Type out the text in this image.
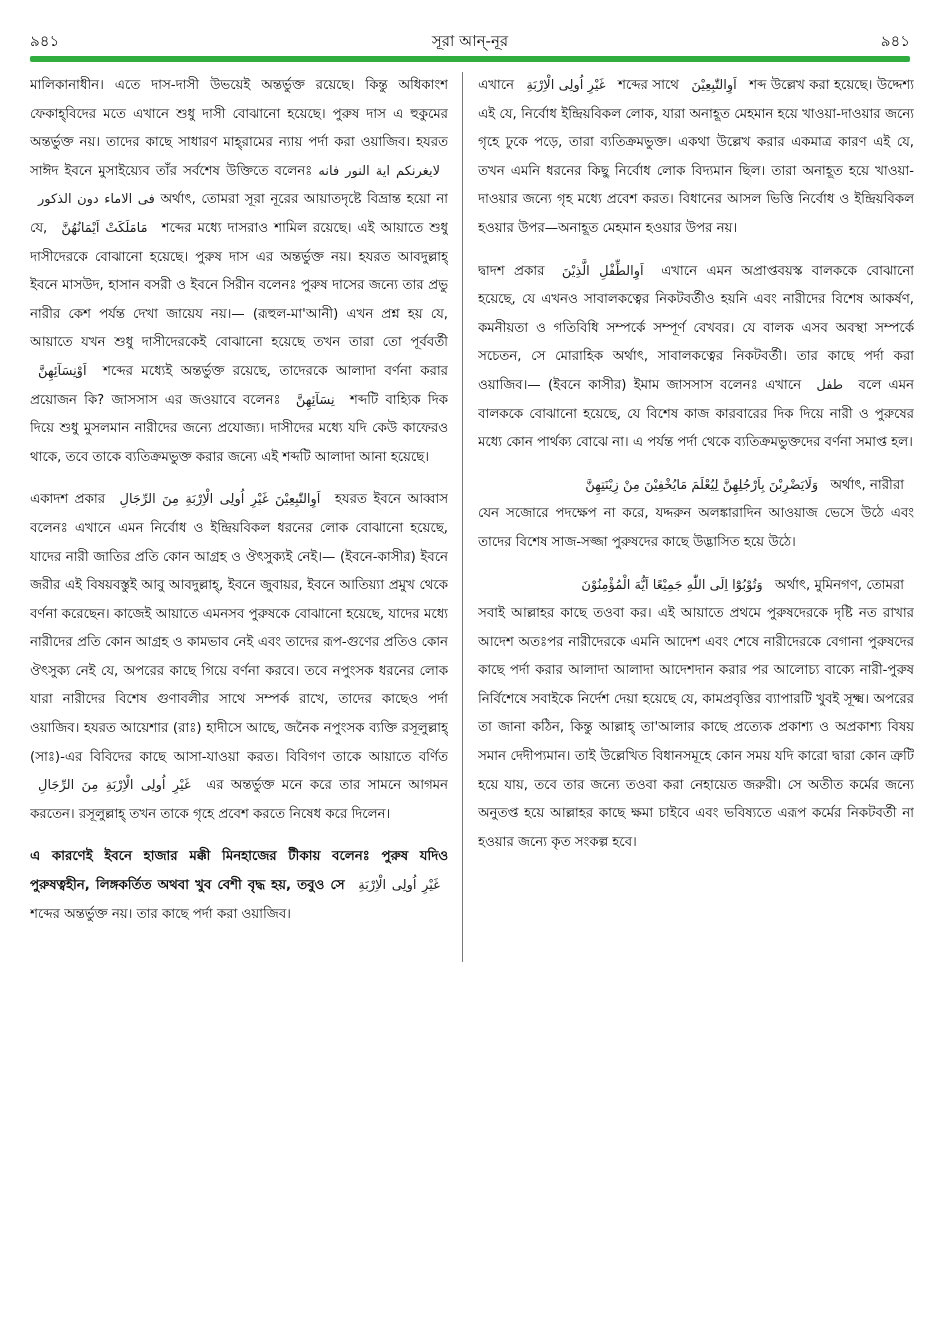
৯৪১	সূরা আন্-নূর	৯৪১

মালিকানাধীন। এতে দাস-দাসী উভয়েই অন্তর্ভুক্ত রয়েছে। কিন্তু অধিকাংশ ফেকাহ্‌বিদের মতে এখানে শুধু দাসী বোঝানো হয়েছে। পুরুষ দাস এ হুকুমের অন্তর্ভুক্ত নয়। তাদের কাছে সাধারণ মাহ্‌রামের ন্যায় পর্দা করা ওয়াজিব। হযরত সাঈদ ইবনে মুসাইয়্যেব তাঁর সর্বশেষ উক্তিতে বলেনঃ لايغرنكم اية النور فانه فى الاماء دون الذكور অর্থাৎ, তোমরা সূরা নূরের আয়াতদৃষ্টে বিভ্রান্ত হয়ো না যে, مَامَلَكَتْ اَيْمَانُهُنَّ শব্দের মধ্যে দাসরাও শামিল রয়েছে। এই আয়াতে শুধু দাসীদেরকে বোঝানো হয়েছে। পুরুষ দাস এর অন্তর্ভুক্ত নয়। হযরত আবদুল্লাহ্ ইবনে মাসউদ, হাসান বসরী ও ইবনে সিরীন বলেনঃ পুরুষ দাসের জন্যে তার প্রভু নারীর কেশ পর্যন্ত দেখা জায়েয নয়।— (রূহুল-মা'আনী) এখন প্রশ্ন হয় যে, আয়াতে যখন শুধু দাসীদেরকেই বোঝানো হয়েছে তখন তারা তো পূর্ববর্তী اَوْنِسَآئِهِنَّ শব্দের মধ্যেই অন্তর্ভুক্ত রয়েছে, তাদেরকে আলাদা বর্ণনা করার প্রয়োজন কি? জাসসাস এর জওয়াবে বলেনঃ نِسَآئِهِنَّ শব্দটি বাহ্যিক দিক দিয়ে শুধু মুসলমান নারীদের জন্যে প্রযোজ্য। দাসীদের মধ্যে যদি কেউ কাফেরও থাকে, তবে তাকে ব্যতিক্রমভুক্ত করার জন্যে এই শব্দটি আলাদা আনা হয়েছে।

একাদশ প্রকার اَوِالتّٰبِعِيْنَ غَيْرِ اُولِى الْاِرْبَةِ مِنَ الرِّجَالِ হযরত ইবনে আব্বাস বলেনঃ এখানে এমন নির্বোধ ও ইন্দ্রিয়বিকল ধরনের লোক বোঝানো হয়েছে, যাদের নারী জাতির প্রতি কোন আগ্রহ ও ঔৎসুক্যই নেই।— (ইবনে-কাসীর) ইবনে জরীর এই বিষয়বস্তুই আবু আবদুল্লাহ্, ইবনে জুবায়র, ইবনে আতিয়্যা প্রমুখ থেকে বর্ণনা করেছেন। কাজেই আয়াতে এমনসব পুরুষকে বোঝানো হয়েছে, যাদের মধ্যে নারীদের প্রতি কোন আগ্রহ ও কামভাব নেই এবং তাদের রূপ-গুণের প্রতিও কোন ঔৎসুক্য নেই যে, অপরের কাছে গিয়ে বর্ণনা করবে। তবে নপুংসক ধরনের লোক যারা নারীদের বিশেষ গুণাবলীর সাথে সম্পর্ক রাখে, তাদের কাছেও পর্দা ওয়াজিব। হযরত আয়েশার (রাঃ) হাদীসে আছে, জনৈক নপুংসক ব্যক্তি রসূলুল্লাহ্ (সাঃ)-এর বিবিদের কাছে আসা-যাওয়া করত। বিবিগণ তাকে আয়াতে বর্ণিত غَيْرِ اُولِى الْاِرْبَةِ مِنَ الرِّجَالِ এর অন্তর্ভুক্ত মনে করে তার সামনে আগমন করতেন। রসূলুল্লাহ্ তখন তাকে গৃহে প্রবেশ করতে নিষেধ করে দিলেন।

এ কারণেই ইবনে হাজার মক্কী মিনহাজের টীকায় বলেনঃ পুরুষ যদিও পুরুষত্বহীন, লিঙ্গকর্তিত অথবা খুব বেশী বৃদ্ধ হয়, তবুও সে غَيْرِ اُولِى الْاِرْبَةِ শব্দের অন্তর্ভুক্ত নয়। তার কাছে পর্দা করা ওয়াজিব।

এখানে غَيْرِ اُولِى الْاِرْبَةِ শব্দের সাথে اَوِالتّٰبِعِيْنَ শব্দ উল্লেখ করা হয়েছে। উদ্দেশ্য এই যে, নির্বোধ ইন্দ্রিয়বিকল লোক, যারা অনাহূত মেহমান হয়ে খাওয়া-দাওয়ার জন্যে গৃহে ঢুকে পড়ে, তারা ব্যতিক্রমভুক্ত। একথা উল্লেখ করার একমাত্র কারণ এই যে, তখন এমনি ধরনের কিছু নির্বোধ লোক বিদ্যমান ছিল। তারা অনাহূত হয়ে খাওয়া-দাওয়ার জন্যে গৃহ মধ্যে প্রবেশ করত। বিধানের আসল ভিত্তি নির্বোধ ও ইন্দ্রিয়বিকল হওয়ার উপর—অনাহূত মেহমান হওয়ার উপর নয়।

দ্বাদশ প্রকার اَوِالطِّفْلِ الَّذِيْنَ এখানে এমন অপ্রাপ্তবয়স্ক বালককে বোঝানো হয়েছে, যে এখনও সাবালকত্বের নিকটবর্তীও হয়নি এবং নারীদের বিশেষ আকর্ষণ, কমনীয়তা ও গতিবিধি সম্পর্কে সম্পূর্ণ বেখবর। যে বালক এসব অবস্থা সম্পর্কে সচেতন, সে মোরাহিক অর্থাৎ, সাবালকত্বের নিকটবর্তী। তার কাছে পর্দা করা ওয়াজিব।— (ইবনে কাসীর) ইমাম জাসসাস বলেনঃ এখানে طفل বলে এমন বালককে বোঝানো হয়েছে, যে বিশেষ কাজ কারবারের দিক দিয়ে নারী ও পুরুষের মধ্যে কোন পার্থক্য বোঝে না। এ পর্যন্ত পর্দা থেকে ব্যতিক্রমভুক্তদের বর্ণনা সমাপ্ত হল।

وَلَايَضْرِبْنَ بِاَرْجُلِهِنَّ لِيُعْلَمَ مَايُخْفِيْنَ مِنْ زِيْنَتِهِنَّ অর্থাৎ, নারীরা

যেন সজোরে পদক্ষেপ না করে, যদ্দরুন অলঙ্কারাদিন আওয়াজ ভেসে উঠে এবং তাদের বিশেষ সাজ-সজ্জা পুরুষদের কাছে উদ্ভাসিত হয়ে উঠে।

وَتُوْبُوْٓا اِلَى اللّٰهِ جَمِيْعًا اَيُّهَ الْمُؤْمِنُوْنَ অর্থাৎ, মুমিনগণ, তোমরা

সবাই আল্লাহর কাছে তওবা কর। এই আয়াতে প্রথমে পুরুষদেরকে দৃষ্টি নত রাখার আদেশ অতঃপর নারীদেরকে এমনি আদেশ এবং শেষে নারীদেরকে বেগানা পুরুষদের কাছে পর্দা করার আলাদা আলাদা আদেশদান করার পর আলোচ্য বাক্যে নারী-পুরুষ নির্বিশেষে সবাইকে নির্দেশ দেয়া হয়েছে যে, কামপ্রবৃত্তির ব্যাপারটি খুবই সূক্ষ্ম। অপরের তা জানা কঠিন, কিন্তু আল্লাহ্ তা'আলার কাছে প্রত্যেক প্রকাশ্য ও অপ্রকাশ্য বিষয় সমান দেদীপ্যমান। তাই উল্লেখিত বিধানসমূহে কোন সময় যদি কারো দ্বারা কোন ত্রুটি হয়ে যায়, তবে তার জন্যে তওবা করা নেহায়েত জরুরী। সে অতীত কর্মের জন্যে অনুতপ্ত হয়ে আল্লাহর কাছে ক্ষমা চাইবে এবং ভবিষ্যতে এরূপ কর্মের নিকটবর্তী না হওয়ার জন্যে কৃত সংকল্প হবে।
